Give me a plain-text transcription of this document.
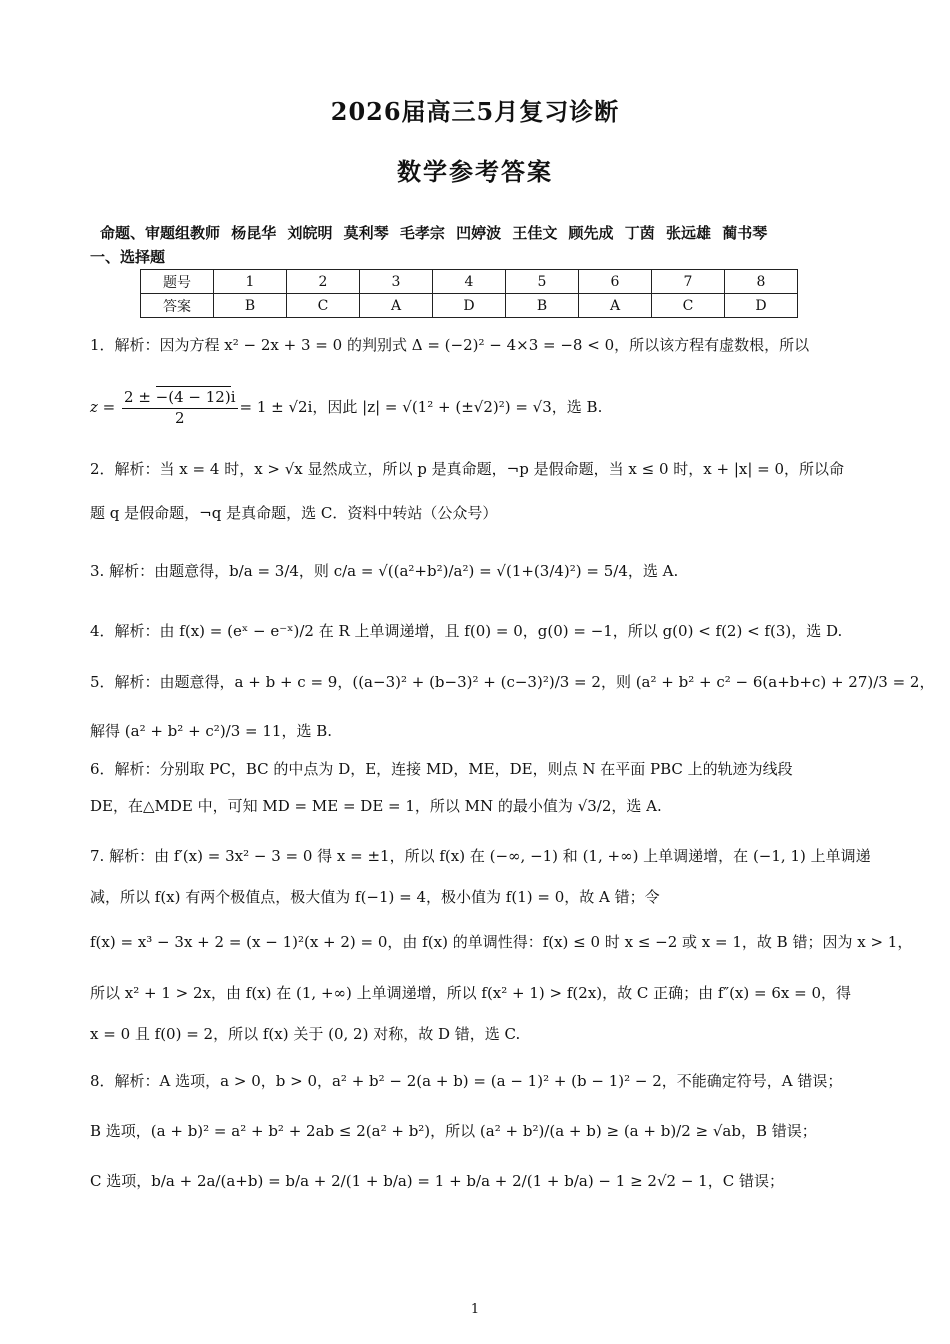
2026届高三5月复习诊断
数学参考答案
命题、审题组教师 杨昆华 刘皖明 莫利琴 毛孝宗 凹婷波 王佳文 顾先成 丁茵 张远雄 蔺书琴
一、选择题
题号	1	2	3	4	5	6	7	8
答案	B	C	A	D	B	A	C	D
1．解析：因为方程 x² − 2x + 3 = 0 的判别式 Δ = (−2)² − 4×3 = −8 < 0，所以该方程有虚数根，所以
$z = \frac{2 \pm -(4 - 12)i}{2} = 1 \pm √2i$，因此 |z| = √(1² + (±√2)²) = √3，选 B.
2．解析：当 x = 4 时，x > √x 显然成立，所以 p 是真命题，¬p 是假命题，当 x ≤ 0 时，x + |x| = 0，所以命
题 q 是假命题，¬q 是真命题，选 C．资料中转站（公众号）
3. 解析：由题意得，b/a = 3/4，则 c/a = √((a²+b²)/a²) = √(1+(3/4)²) = 5/4，选 A.
4．解析：由 f(x) = (eˣ − e⁻ˣ)/2 在 R 上单调递增，且 f(0) = 0，g(0) = −1，所以 g(0) < f(2) < f(3)，选 D.
5．解析：由题意得，a + b + c = 9，((a−3)² + (b−3)² + (c−3)²)/3 = 2，则 (a² + b² + c² − 6(a+b+c) + 27)/3 = 2，
解得 (a² + b² + c²)/3 = 11，选 B.
6．解析：分别取 PC，BC 的中点为 D，E，连接 MD，ME，DE，则点 N 在平面 PBC 上的轨迹为线段
DE，在△MDE 中，可知 MD = ME = DE = 1，所以 MN 的最小值为 √3/2，选 A.
7. 解析：由 f′(x) = 3x² − 3 = 0 得 x = ±1，所以 f(x) 在 (−∞, −1) 和 (1, +∞) 上单调递增，在 (−1, 1) 上单调递
减，所以 f(x) 有两个极值点，极大值为 f(−1) = 4，极小值为 f(1) = 0，故 A 错；令
f(x) = x³ − 3x + 2 = (x − 1)²(x + 2) = 0，由 f(x) 的单调性得：f(x) ≤ 0 时 x ≤ −2 或 x = 1，故 B 错；因为 x > 1，
所以 x² + 1 > 2x，由 f(x) 在 (1, +∞) 上单调递增，所以 f(x² + 1) > f(2x)，故 C 正确；由 f″(x) = 6x = 0，得
x = 0 且 f(0) = 2，所以 f(x) 关于 (0, 2) 对称，故 D 错，选 C.
8．解析：A 选项，a > 0，b > 0，a² + b² − 2(a + b) = (a − 1)² + (b − 1)² − 2，不能确定符号，A 错误；
B 选项，(a + b)² = a² + b² + 2ab ≤ 2(a² + b²)，所以 (a² + b²)/(a + b) ≥ (a + b)/2 ≥ √ab，B 错误；
C 选项，b/a + 2a/(a+b) = b/a + 2/(1 + b/a) = 1 + b/a + 2/(1 + b/a) − 1 ≥ 2√2 − 1，C 错误；
1
